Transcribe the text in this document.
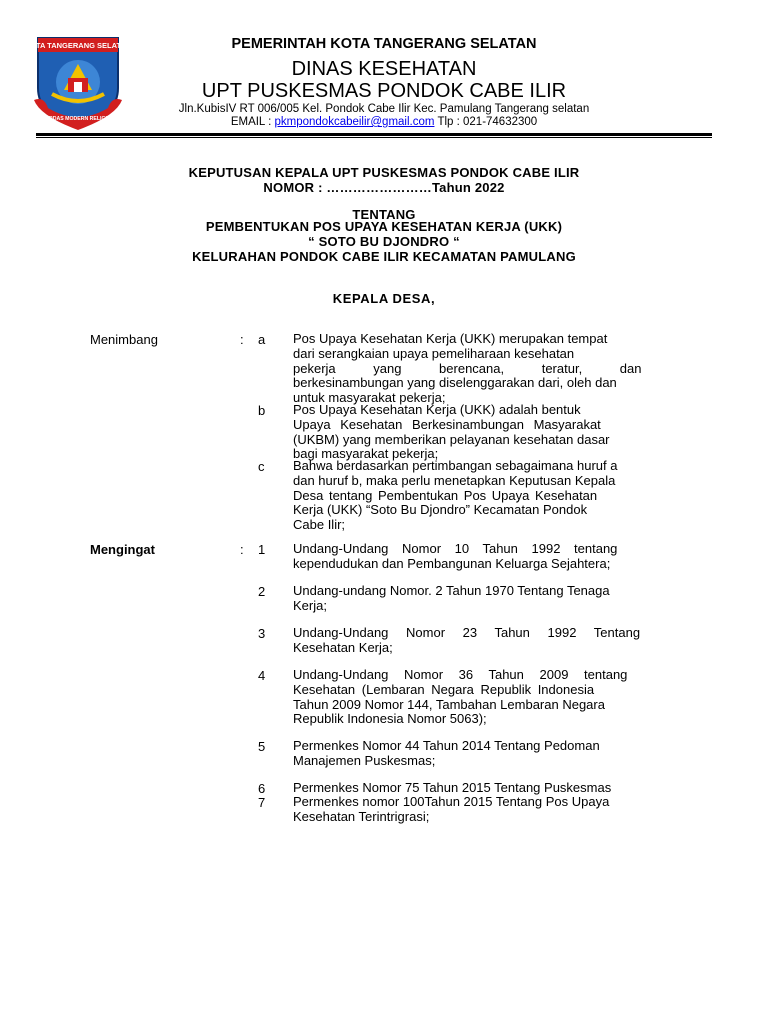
KOTA TANGERANG SELATAN
CERDAS MODERN RELIGIUS
PEMERINTAH KOTA TANGERANG SELATAN
DINAS KESEHATAN
UPT PUSKESMAS PONDOK CABE ILIR
Jln.KubisIV RT 006/005 Kel. Pondok Cabe Ilir Kec. Pamulang Tangerang selatan
EMAIL : pkmpondokcabeilir@gmail.com Tlp : 021-74632300
KEPUTUSAN KEPALA UPT PUSKESMAS PONDOK CABE ILIR
NOMOR : ……………………Tahun 2022
TENTANG
PEMBENTUKAN POS UPAYA KESEHATAN KERJA (UKK)
“ SOTO BU DJONDRO “
KELURAHAN PONDOK CABE ILIR KECAMATAN PAMULANG
KEPALA DESA,
Menimbang	: a	Pos Upaya Kesehatan Kerja (UKK) merupakan tempat
dari serangkaian upaya pemeliharaan kesehatan
pekerja yang berencana, teratur, dan
berkesinambungan yang diselenggarakan dari, oleh dan
untuk masyarakat pekerja;
b	Pos Upaya Kesehatan Kerja (UKK) adalah bentuk
Upaya Kesehatan Berkesinambungan Masyarakat
(UKBM) yang memberikan pelayanan kesehatan dasar
bagi masyarakat pekerja;
c	Bahwa berdasarkan pertimbangan sebagaimana huruf a
dan huruf b, maka perlu menetapkan Keputusan Kepala
Desa tentang Pembentukan Pos Upaya Kesehatan
Kerja (UKK) “Soto Bu Djondro” Kecamatan Pondok
Cabe Ilir;
Mengingat	: 1	Undang-Undang Nomor 10 Tahun 1992 tentang
kependudukan dan Pembangunan Keluarga Sejahtera;
2	Undang-undang Nomor. 2 Tahun 1970 Tentang Tenaga
Kerja;
3	Undang-Undang Nomor 23 Tahun 1992 Tentang
Kesehatan Kerja;
4	Undang-Undang Nomor 36 Tahun 2009 tentang
Kesehatan (Lembaran Negara Republik Indonesia
Tahun 2009 Nomor 144, Tambahan Lembaran Negara
Republik Indonesia Nomor 5063);
5	Permenkes Nomor 44 Tahun 2014 Tentang Pedoman
Manajemen Puskesmas;
6	Permenkes Nomor 75 Tahun 2015 Tentang Puskesmas
7	Permenkes nomor 100Tahun 2015 Tentang Pos Upaya
Kesehatan Terintrigrasi;
